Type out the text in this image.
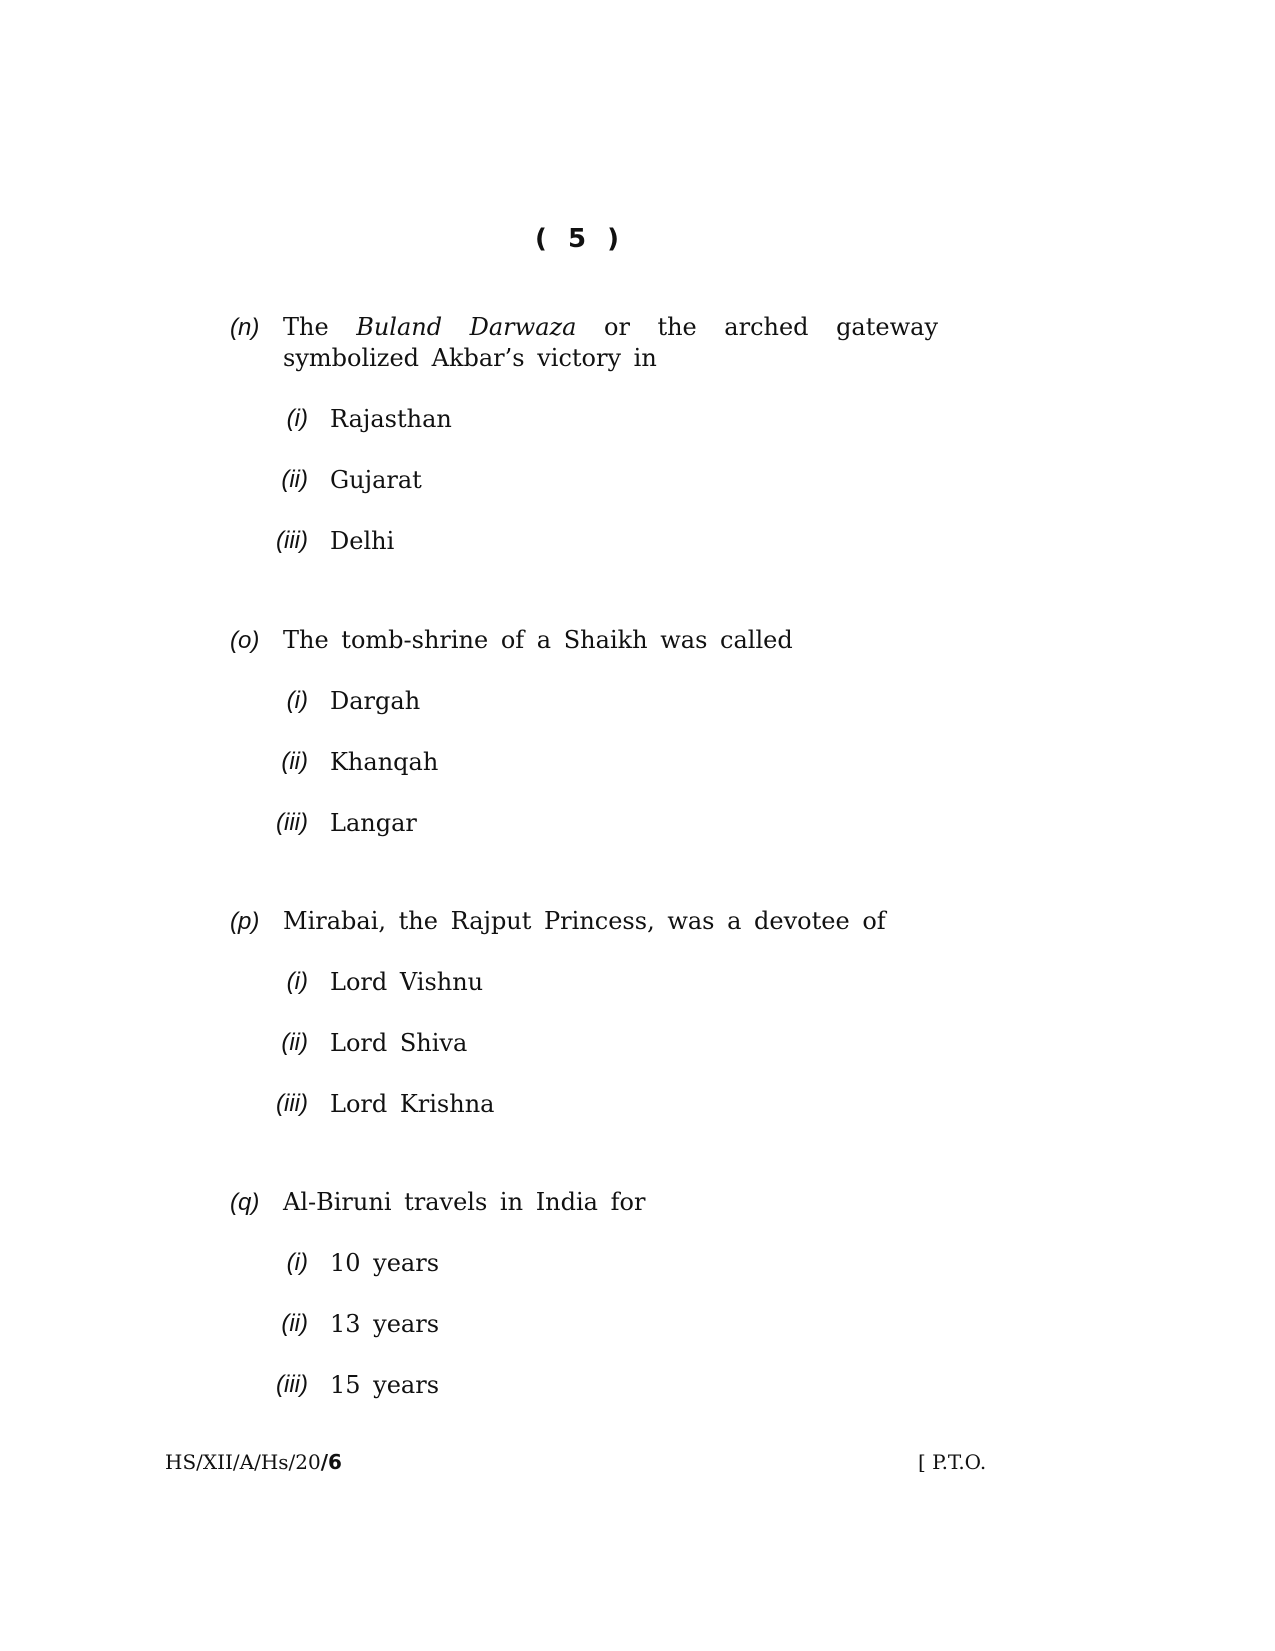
( 5 )
(n) The Buland Darwaza or the arched gateway symbolized Akbar’s victory in
(i) Rajasthan
(ii) Gujarat
(iii) Delhi
(o) The tomb-shrine of a Shaikh was called
(i) Dargah
(ii) Khanqah
(iii) Langar
(p) Mirabai, the Rajput Princess, was a devotee of
(i) Lord Vishnu
(ii) Lord Shiva
(iii) Lord Krishna
(q) Al-Biruni travels in India for
(i) 10 years
(ii) 13 years
(iii) 15 years
HS/XII/A/Hs/20/6	[ P.T.O.
